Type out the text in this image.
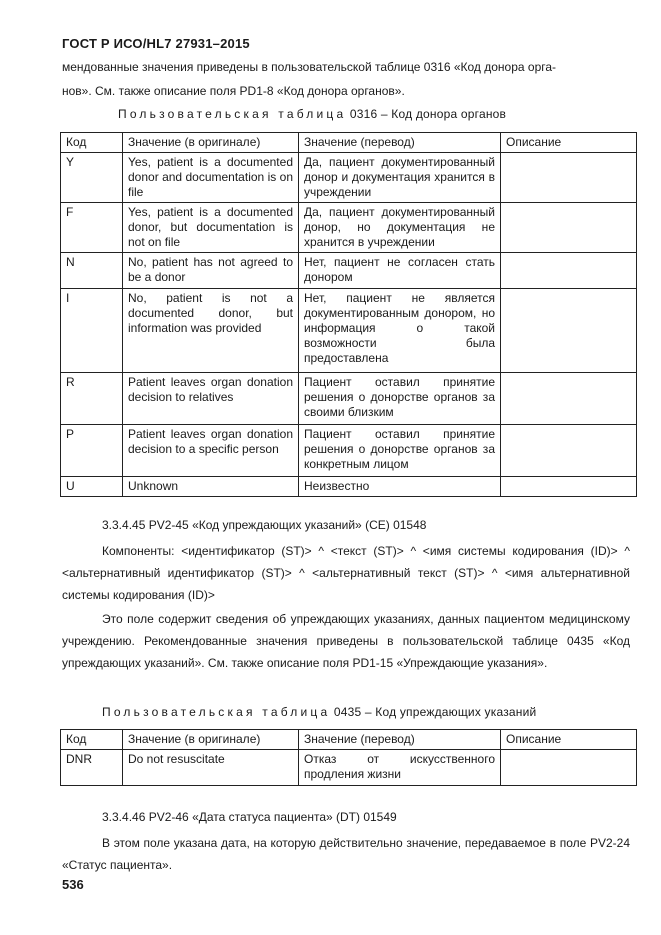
ГОСТ Р ИСО/HL7 27931–2015
мендованные значения приведены в пользовательской таблице 0316 «Код донора орга-
нов». См. также описание поля PD1-8 «Код донора органов».
Пользовательская таблица 0316 – Код донора органов
Код	Значение (в оригинале)	Значение (перевод)	Описание
Y	Yes, patient is a documented donor and documentation is on file	Да, пациент документированный донор и документация хранится в учреждении	
F	Yes, patient is a documented donor, but documentation is not on file	Да, пациент документированный донор, но документация не хранится в учреждении	
N	No, patient has not agreed to be a donor	Нет, пациент не согласен стать донором	
I	No, patient is not a documented donor, but information was provided	Нет, пациент не является документированным донором, но информация о такой возможности была предоставлена	
R	Patient leaves organ donation decision to relatives	Пациент оставил принятие решения о донорстве органов за своими близким	
P	Patient leaves organ donation decision to a specific person	Пациент оставил принятие решения о донорстве органов за конкретным лицом	
U	Unknown	Неизвестно	
3.3.4.45 PV2-45 «Код упреждающих указаний» (CE) 01548
Компоненты: <идентификатор (ST)> ^ <текст (ST)> ^ <имя системы кодирования (ID)> ^ <альтернативный идентификатор (ST)> ^ <альтернативный текст (ST)> ^ <имя альтернативной системы кодирования (ID)>
Это поле содержит сведения об упреждающих указаниях, данных пациентом медицинскому учреждению. Рекомендованные значения приведены в пользовательской таблице 0435 «Код упреждающих указаний». См. также описание поля PD1-15 «Упреждающие указания».
Пользовательская таблица 0435 – Код упреждающих указаний
Код	Значение (в оригинале)	Значение (перевод)	Описание
DNR	Do not resuscitate	Отказ от искусственного продления жизни	
3.3.4.46 PV2-46 «Дата статуса пациента» (DT) 01549
В этом поле указана дата, на которую действительно значение, передаваемое в поле PV2-24 «Статус пациента».
536
